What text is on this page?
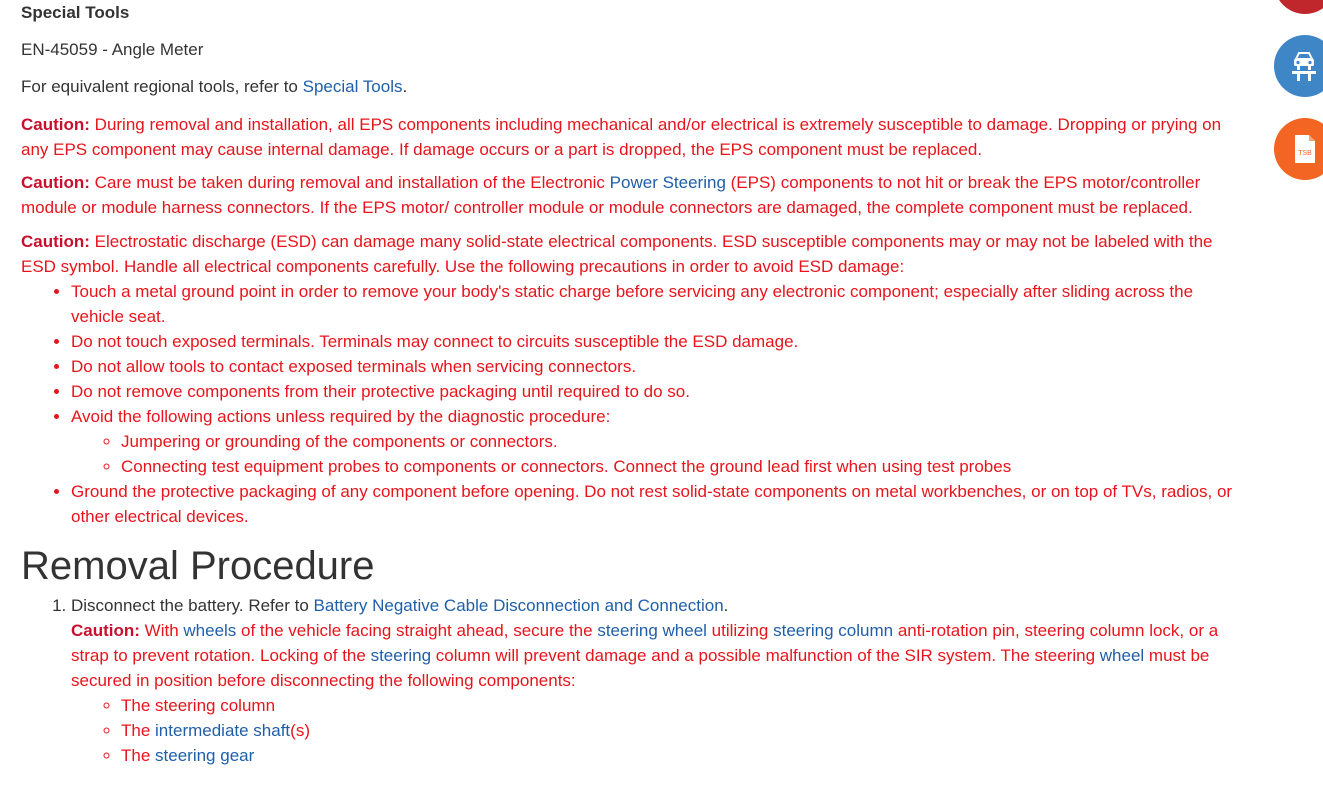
Special Tools

EN-45059 - Angle Meter

For equivalent regional tools, refer to Special Tools.

Caution: During removal and installation, all EPS components including mechanical and/or electrical is extremely susceptible to damage. Dropping or prying on any EPS component may cause internal damage. If damage occurs or a part is dropped, the EPS component must be replaced.

Caution: Care must be taken during removal and installation of the Electronic Power Steering (EPS) components to not hit or break the EPS motor/controller module or module harness connectors. If the EPS motor/ controller module or module connectors are damaged, the complete component must be replaced.

Caution: Electrostatic discharge (ESD) can damage many solid-state electrical components. ESD susceptible components may or may not be labeled with the ESD symbol. Handle all electrical components carefully. Use the following precautions in order to avoid ESD damage:

• Touch a metal ground point in order to remove your body's static charge before servicing any electronic component; especially after sliding across the vehicle seat.
• Do not touch exposed terminals. Terminals may connect to circuits susceptible the ESD damage.
• Do not allow tools to contact exposed terminals when servicing connectors.
• Do not remove components from their protective packaging until required to do so.
• Avoid the following actions unless required by the diagnostic procedure:
◦ Jumpering or grounding of the components or connectors.
◦ Connecting test equipment probes to components or connectors. Connect the ground lead first when using test probes
• Ground the protective packaging of any component before opening. Do not rest solid-state components on metal workbenches, or on top of TVs, radios, or other electrical devices.
Removal Procedure
1. Disconnect the battery. Refer to Battery Negative Cable Disconnection and Connection.
Caution: With wheels of the vehicle facing straight ahead, secure the steering wheel utilizing steering column anti-rotation pin, steering column lock, or a strap to prevent rotation. Locking of the steering column will prevent damage and a possible malfunction of the SIR system. The steering wheel must be secured in position before disconnecting the following components:
◦ The steering column
◦ The intermediate shaft(s)
◦ The steering gear
TSB
